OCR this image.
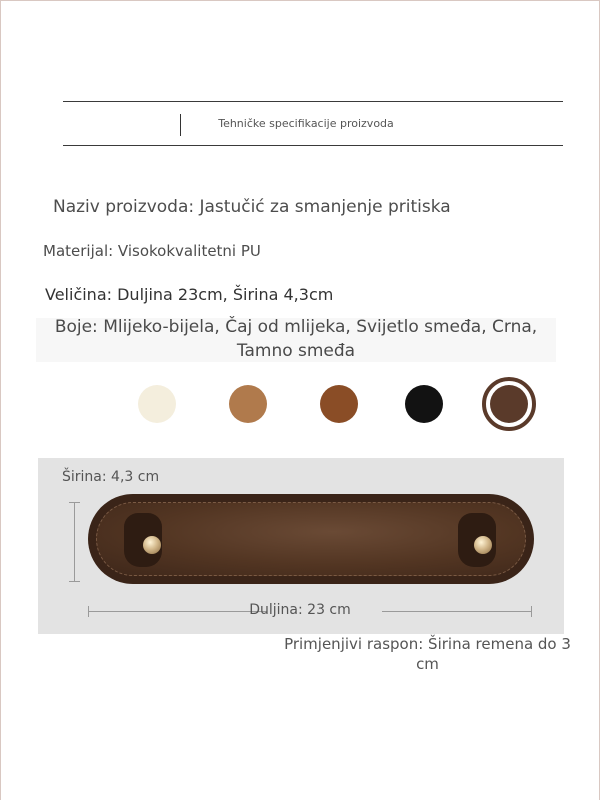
Tehničke specifikacije proizvoda
Naziv proizvoda: Jastučić za smanjenje pritiska
Materijal: Visokokvalitetni PU
Veličina: Duljina 23cm, Širina 4,3cm
Boje: Mlijeko-bijela, Čaj od mlijeka, Svijetlo smeđa, Crna, Tamno smeđa
Širina: 4,3 cm
Duljina: 23 cm
Primjenjivi raspon: Širina remena do 3 cm
